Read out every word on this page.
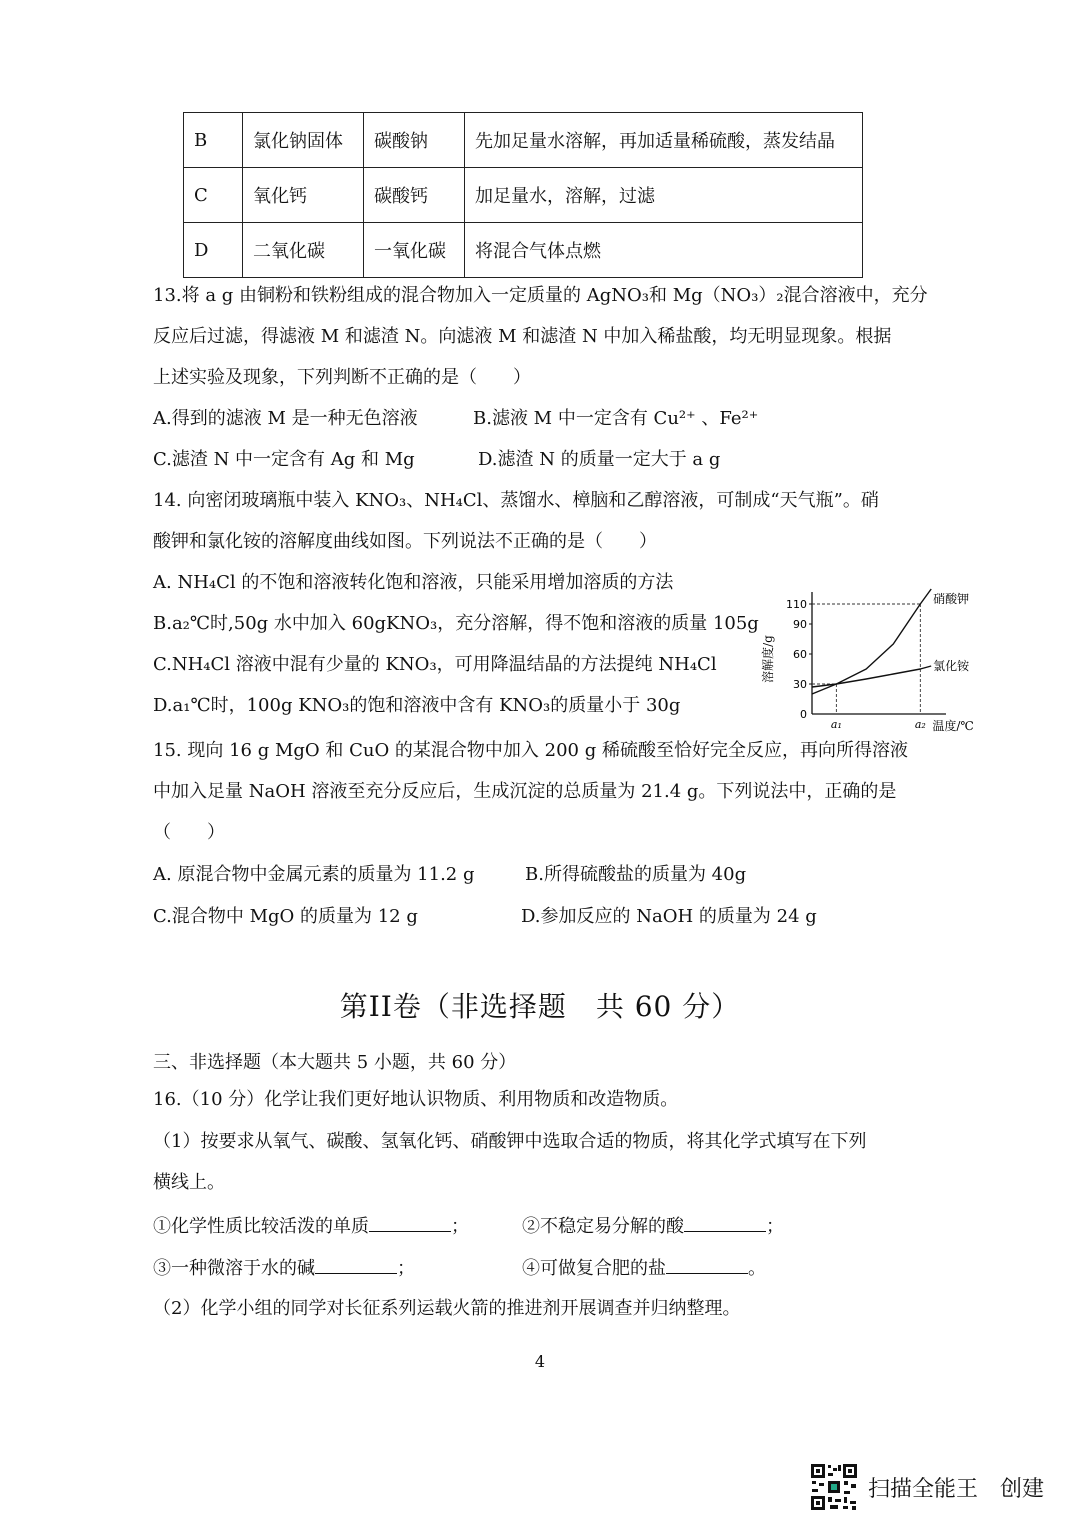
B	氯化钠固体	碳酸钠	先加足量水溶解，再加适量稀硫酸，蒸发结晶
C	氧化钙	碳酸钙	加足量水，溶解，过滤
D	二氧化碳	一氧化碳	将混合气体点燃
13.将 a g 由铜粉和铁粉组成的混合物加入一定质量的 AgNO₃和 Mg（NO₃）₂混合溶液中，充分
反应后过滤，得滤液 M 和滤渣 N。向滤液 M 和滤渣 N 中加入稀盐酸，均无明显现象。根据
上述实验及现象，下列判断不正确的是（　　）
A.得到的滤液 M 是一种无色溶液	B.滤液 M 中一定含有 Cu²⁺ 、Fe²⁺
C.滤渣 N 中一定含有 Ag 和 Mg	D.滤渣 N 的质量一定大于 a g
14. 向密闭玻璃瓶中装入 KNO₃、NH₄Cl、蒸馏水、樟脑和乙醇溶液，可制成“天气瓶”。硝
酸钾和氯化铵的溶解度曲线如图。下列说法不正确的是（　　）
A. NH₄Cl 的不饱和溶液转化饱和溶液，只能采用增加溶质的方法
B.a₂℃时,50g 水中加入 60gKNO₃，充分溶解，得不饱和溶液的质量 105g
C.NH₄Cl 溶液中混有少量的 KNO₃，可用降温结晶的方法提纯 NH₄Cl
D.a₁℃时，100g KNO₃的饱和溶液中含有 KNO₃的质量小于 30g	0
30
60
90
110
a₁	a₂
硝酸钾
氯化铵
溶解度/g
温度/℃
15. 现向 16 g MgO 和 CuO 的某混合物中加入 200 g 稀硫酸至恰好完全反应，再向所得溶液
中加入足量 NaOH 溶液至充分反应后，生成沉淀的总质量为 21.4 g。下列说法中，正确的是
（　　）
A. 原混合物中金属元素的质量为 11.2 g	B.所得硫酸盐的质量为 40g
C.混合物中 MgO 的质量为 12 g	D.参加反应的 NaOH 的质量为 24 g
第II卷（非选择题　共 60 分）
三、非选择题（本大题共 5 小题，共 60 分）
16.（10 分）化学让我们更好地认识物质、利用物质和改造物质。
（1）按要求从氧气、碳酸、氢氧化钙、硝酸钾中选取合适的物质，将其化学式填写在下列
横线上。
①化学性质比较活泼的单质	；	②不稳定易分解的酸	；
③一种微溶于水的碱	；	④可做复合肥的盐	。
（2）化学小组的同学对长征系列运载火箭的推进剂开展调查并归纳整理。
4
扫描全能王　创建
